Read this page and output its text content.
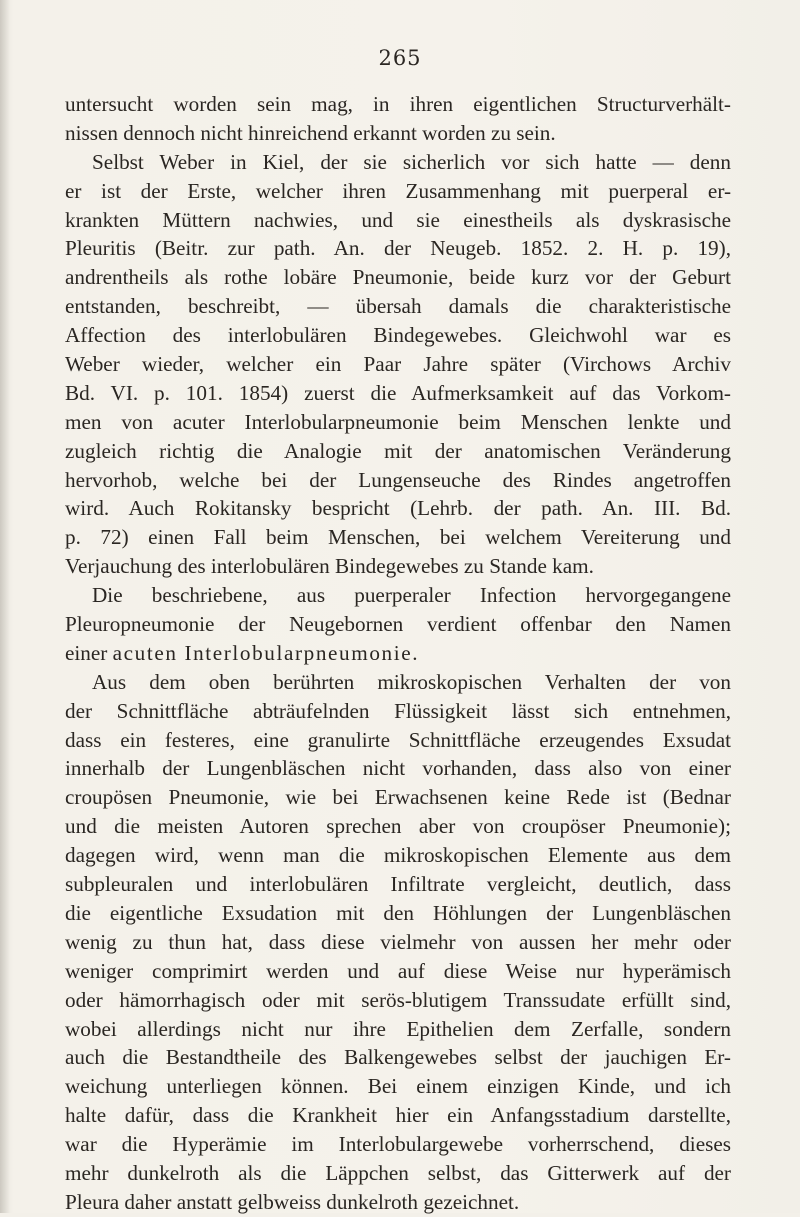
265
untersucht worden sein mag, in ihren eigentlichen Structurverhält-
nissen dennoch nicht hinreichend erkannt worden zu sein.
Selbst Weber in Kiel, der sie sicherlich vor sich hatte — denn
er ist der Erste, welcher ihren Zusammenhang mit puerperal er-
krankten Müttern nachwies, und sie einestheils als dyskrasische
Pleuritis (Beitr. zur path. An. der Neugeb. 1852. 2. H. p. 19),
andrentheils als rothe lobäre Pneumonie, beide kurz vor der Geburt
entstanden, beschreibt, — übersah damals die charakteristische
Affection des interlobulären Bindegewebes. Gleichwohl war es
Weber wieder, welcher ein Paar Jahre später (Virchows Archiv
Bd. VI. p. 101. 1854) zuerst die Aufmerksamkeit auf das Vorkom-
men von acuter Interlobularpneumonie beim Menschen lenkte und
zugleich richtig die Analogie mit der anatomischen Veränderung
hervorhob, welche bei der Lungenseuche des Rindes angetroffen
wird. Auch Rokitansky bespricht (Lehrb. der path. An. III. Bd.
p. 72) einen Fall beim Menschen, bei welchem Vereiterung und
Verjauchung des interlobulären Bindegewebes zu Stande kam.
Die beschriebene, aus puerperaler Infection hervorgegangene
Pleuropneumonie der Neugebornen verdient offenbar den Namen
einer acuten Interlobularpneumonie.
Aus dem oben berührten mikroskopischen Verhalten der von
der Schnittfläche abträufelnden Flüssigkeit lässt sich entnehmen,
dass ein festeres, eine granulirte Schnittfläche erzeugendes Exsudat
innerhalb der Lungenbläschen nicht vorhanden, dass also von einer
croupösen Pneumonie, wie bei Erwachsenen keine Rede ist (Bednar
und die meisten Autoren sprechen aber von croupöser Pneumonie);
dagegen wird, wenn man die mikroskopischen Elemente aus dem
subpleuralen und interlobulären Infiltrate vergleicht, deutlich, dass
die eigentliche Exsudation mit den Höhlungen der Lungenbläschen
wenig zu thun hat, dass diese vielmehr von aussen her mehr oder
weniger comprimirt werden und auf diese Weise nur hyperämisch
oder hämorrhagisch oder mit serös-blutigem Transsudate erfüllt sind,
wobei allerdings nicht nur ihre Epithelien dem Zerfalle, sondern
auch die Bestandtheile des Balkengewebes selbst der jauchigen Er-
weichung unterliegen können. Bei einem einzigen Kinde, und ich
halte dafür, dass die Krankheit hier ein Anfangsstadium darstellte,
war die Hyperämie im Interlobulargewebe vorherrschend, dieses
mehr dunkelroth als die Läppchen selbst, das Gitterwerk auf der
Pleura daher anstatt gelbweiss dunkelroth gezeichnet.
